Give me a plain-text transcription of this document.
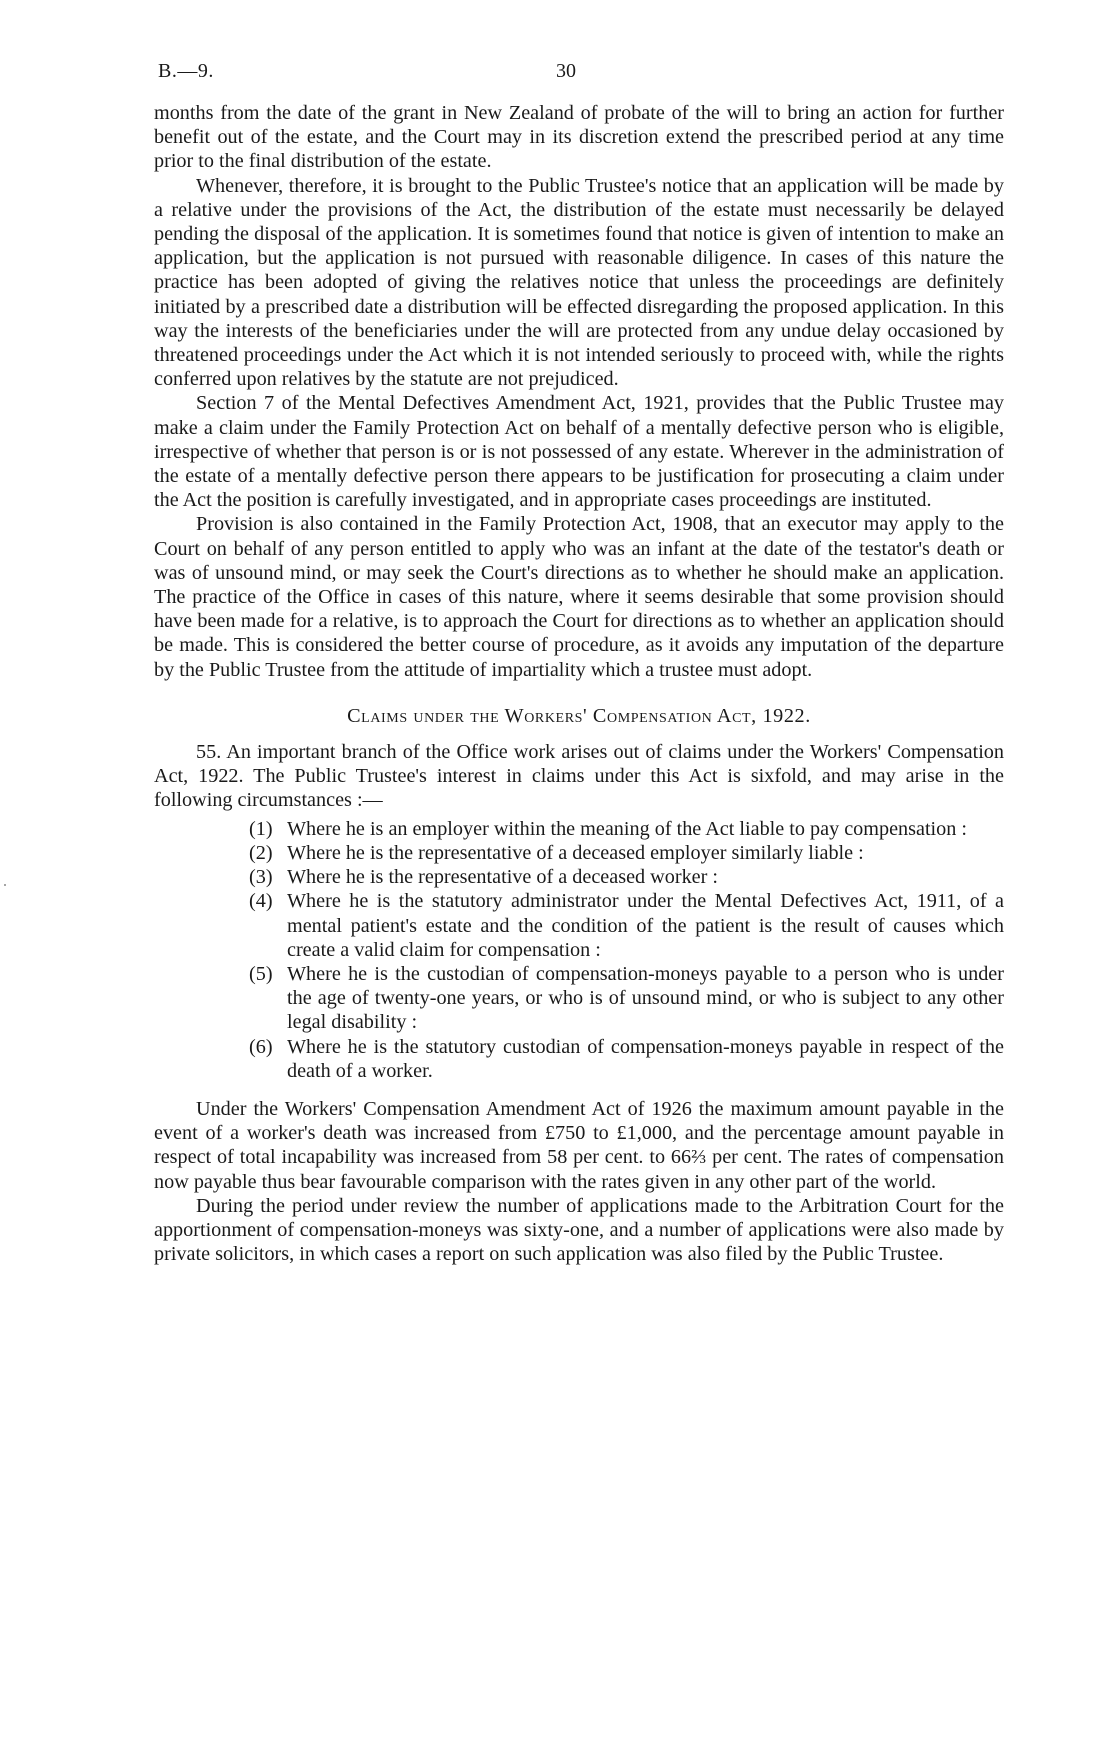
B.—9.	30

months from the date of the grant in New Zealand of probate of the will to bring an action for further benefit out of the estate, and the Court may in its discretion extend the prescribed period at any time prior to the final distribution of the estate.

Whenever, therefore, it is brought to the Public Trustee's notice that an application will be made by a relative under the provisions of the Act, the distribution of the estate must necessarily be delayed pending the disposal of the application. It is sometimes found that notice is given of intention to make an application, but the application is not pursued with reasonable diligence. In cases of this nature the practice has been adopted of giving the relatives notice that unless the proceedings are definitely initiated by a prescribed date a distribution will be effected disregarding the proposed application. In this way the interests of the beneficiaries under the will are protected from any undue delay occasioned by threatened proceedings under the Act which it is not intended seriously to proceed with, while the rights conferred upon relatives by the statute are not prejudiced.

Section 7 of the Mental Defectives Amendment Act, 1921, provides that the Public Trustee may make a claim under the Family Protection Act on behalf of a mentally defective person who is eligible, irrespective of whether that person is or is not possessed of any estate. Wherever in the administration of the estate of a mentally defective person there appears to be justification for prosecuting a claim under the Act the position is carefully investigated, and in appropriate cases proceedings are instituted.

Provision is also contained in the Family Protection Act, 1908, that an executor may apply to the Court on behalf of any person entitled to apply who was an infant at the date of the testator's death or was of unsound mind, or may seek the Court's directions as to whether he should make an application. The practice of the Office in cases of this nature, where it seems desirable that some provision should have been made for a relative, is to approach the Court for directions as to whether an application should be made. This is considered the better course of procedure, as it avoids any imputation of the departure by the Public Trustee from the attitude of impartiality which a trustee must adopt.

Claims under the Workers' Compensation Act, 1922.

55. An important branch of the Office work arises out of claims under the Workers' Compensation Act, 1922. The Public Trustee's interest in claims under this Act is sixfold, and may arise in the following circumstances :—

(1) Where he is an employer within the meaning of the Act liable to pay compensation :
(2) Where he is the representative of a deceased employer similarly liable :
(3) Where he is the representative of a deceased worker :
(4) Where he is the statutory administrator under the Mental Defectives Act, 1911, of a mental patient's estate and the condition of the patient is the result of causes which create a valid claim for compensation :
(5) Where he is the custodian of compensation-moneys payable to a person who is under the age of twenty-one years, or who is of unsound mind, or who is subject to any other legal disability :
(6) Where he is the statutory custodian of compensation-moneys payable in respect of the death of a worker.

Under the Workers' Compensation Amendment Act of 1926 the maximum amount payable in the event of a worker's death was increased from £750 to £1,000, and the percentage amount payable in respect of total incapability was increased from 58 per cent. to 66⅔ per cent. The rates of compensation now payable thus bear favourable comparison with the rates given in any other part of the world.

During the period under review the number of applications made to the Arbitration Court for the apportionment of compensation-moneys was sixty-one, and a number of applications were also made by private solicitors, in which cases a report on such application was also filed by the Public Trustee.
